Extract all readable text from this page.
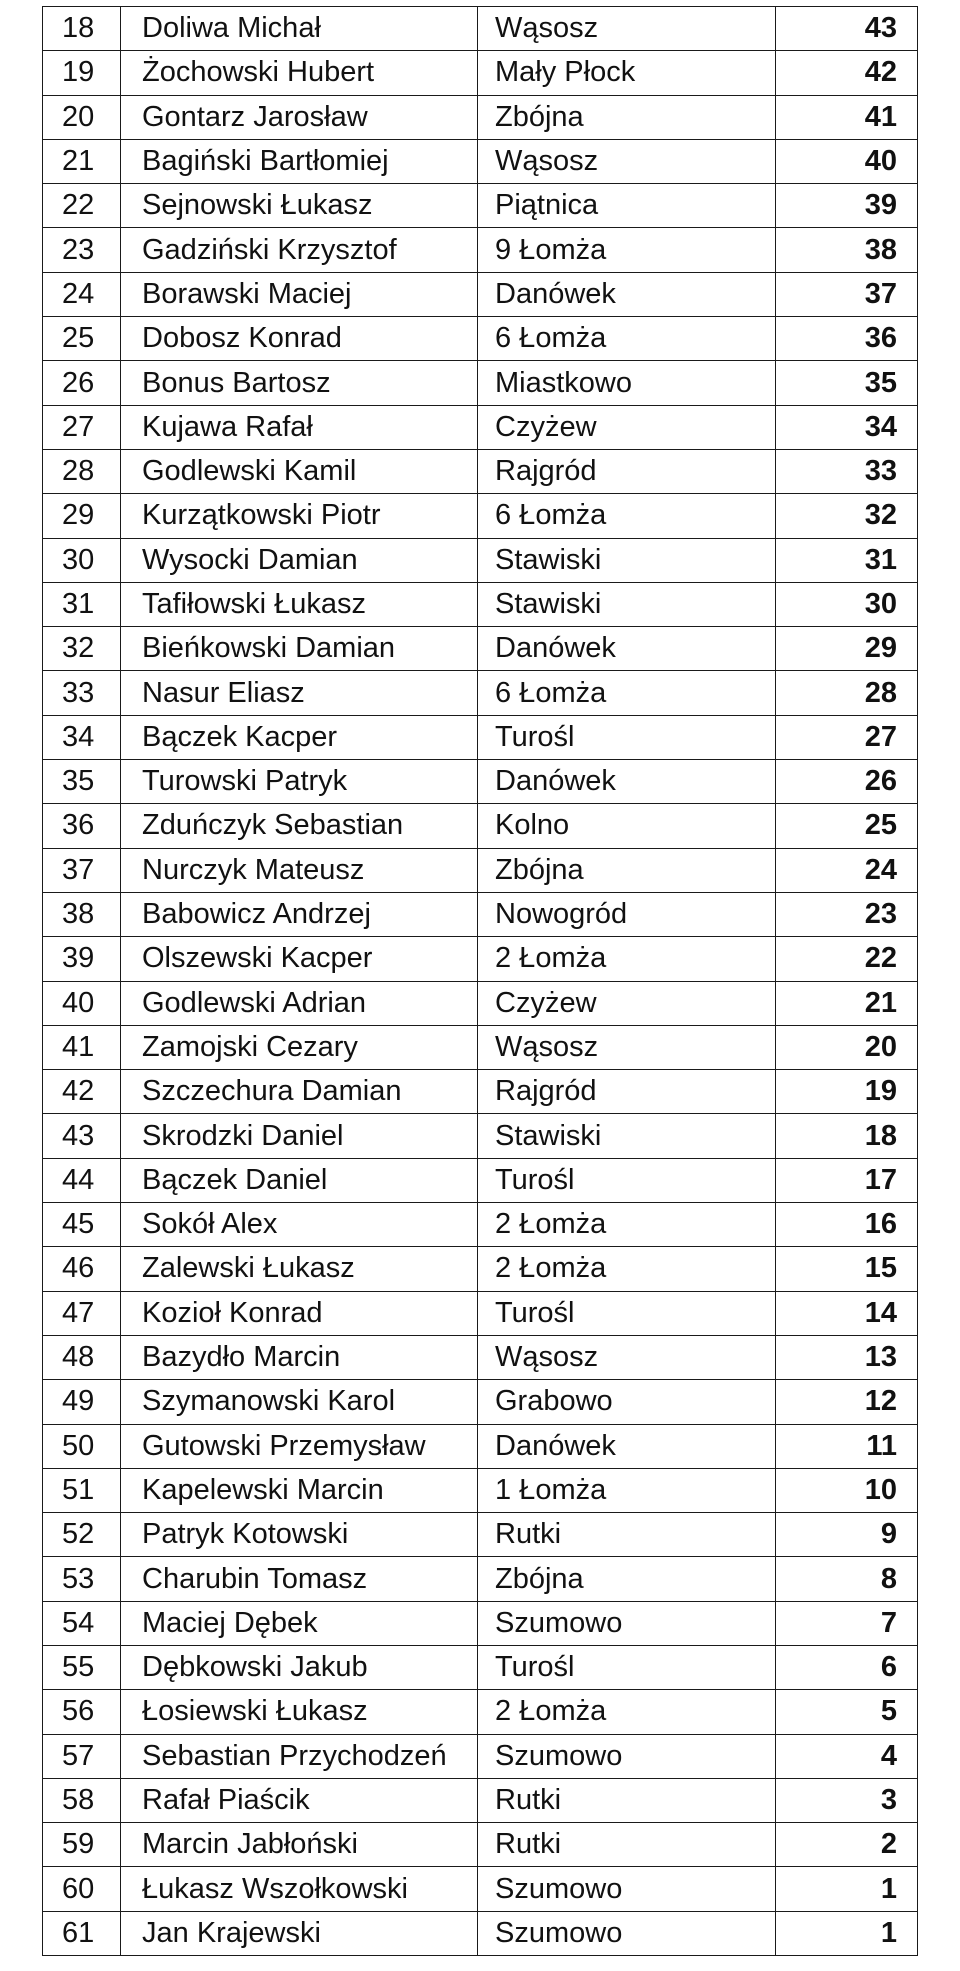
18	Doliwa Michał	Wąsosz	43
19	Żochowski Hubert	Mały Płock	42
20	Gontarz Jarosław	Zbójna	41
21	Bagiński Bartłomiej	Wąsosz	40
22	Sejnowski Łukasz	Piątnica	39
23	Gadziński Krzysztof	9 Łomża	38
24	Borawski Maciej	Danówek	37
25	Dobosz Konrad	6 Łomża	36
26	Bonus Bartosz	Miastkowo	35
27	Kujawa Rafał	Czyżew	34
28	Godlewski Kamil	Rajgród	33
29	Kurzątkowski Piotr	6 Łomża	32
30	Wysocki Damian	Stawiski	31
31	Tafiłowski Łukasz	Stawiski	30
32	Bieńkowski Damian	Danówek	29
33	Nasur Eliasz	6 Łomża	28
34	Bączek Kacper	Turośl	27
35	Turowski Patryk	Danówek	26
36	Zduńczyk Sebastian	Kolno	25
37	Nurczyk Mateusz	Zbójna	24
38	Babowicz Andrzej	Nowogród	23
39	Olszewski Kacper	2 Łomża	22
40	Godlewski Adrian	Czyżew	21
41	Zamojski Cezary	Wąsosz	20
42	Szczechura Damian	Rajgród	19
43	Skrodzki Daniel	Stawiski	18
44	Bączek Daniel	Turośl	17
45	Sokół Alex	2 Łomża	16
46	Zalewski Łukasz	2 Łomża	15
47	Kozioł Konrad	Turośl	14
48	Bazydło Marcin	Wąsosz	13
49	Szymanowski Karol	Grabowo	12
50	Gutowski Przemysław	Danówek	11
51	Kapelewski Marcin	1 Łomża	10
52	Patryk Kotowski	Rutki	9
53	Charubin Tomasz	Zbójna	8
54	Maciej Dębek	Szumowo	7
55	Dębkowski Jakub	Turośl	6
56	Łosiewski Łukasz	2 Łomża	5
57	Sebastian Przychodzeń	Szumowo	4
58	Rafał Piaścik	Rutki	3
59	Marcin Jabłoński	Rutki	2
60	Łukasz Wszołkowski	Szumowo	1
61	Jan Krajewski	Szumowo	1
